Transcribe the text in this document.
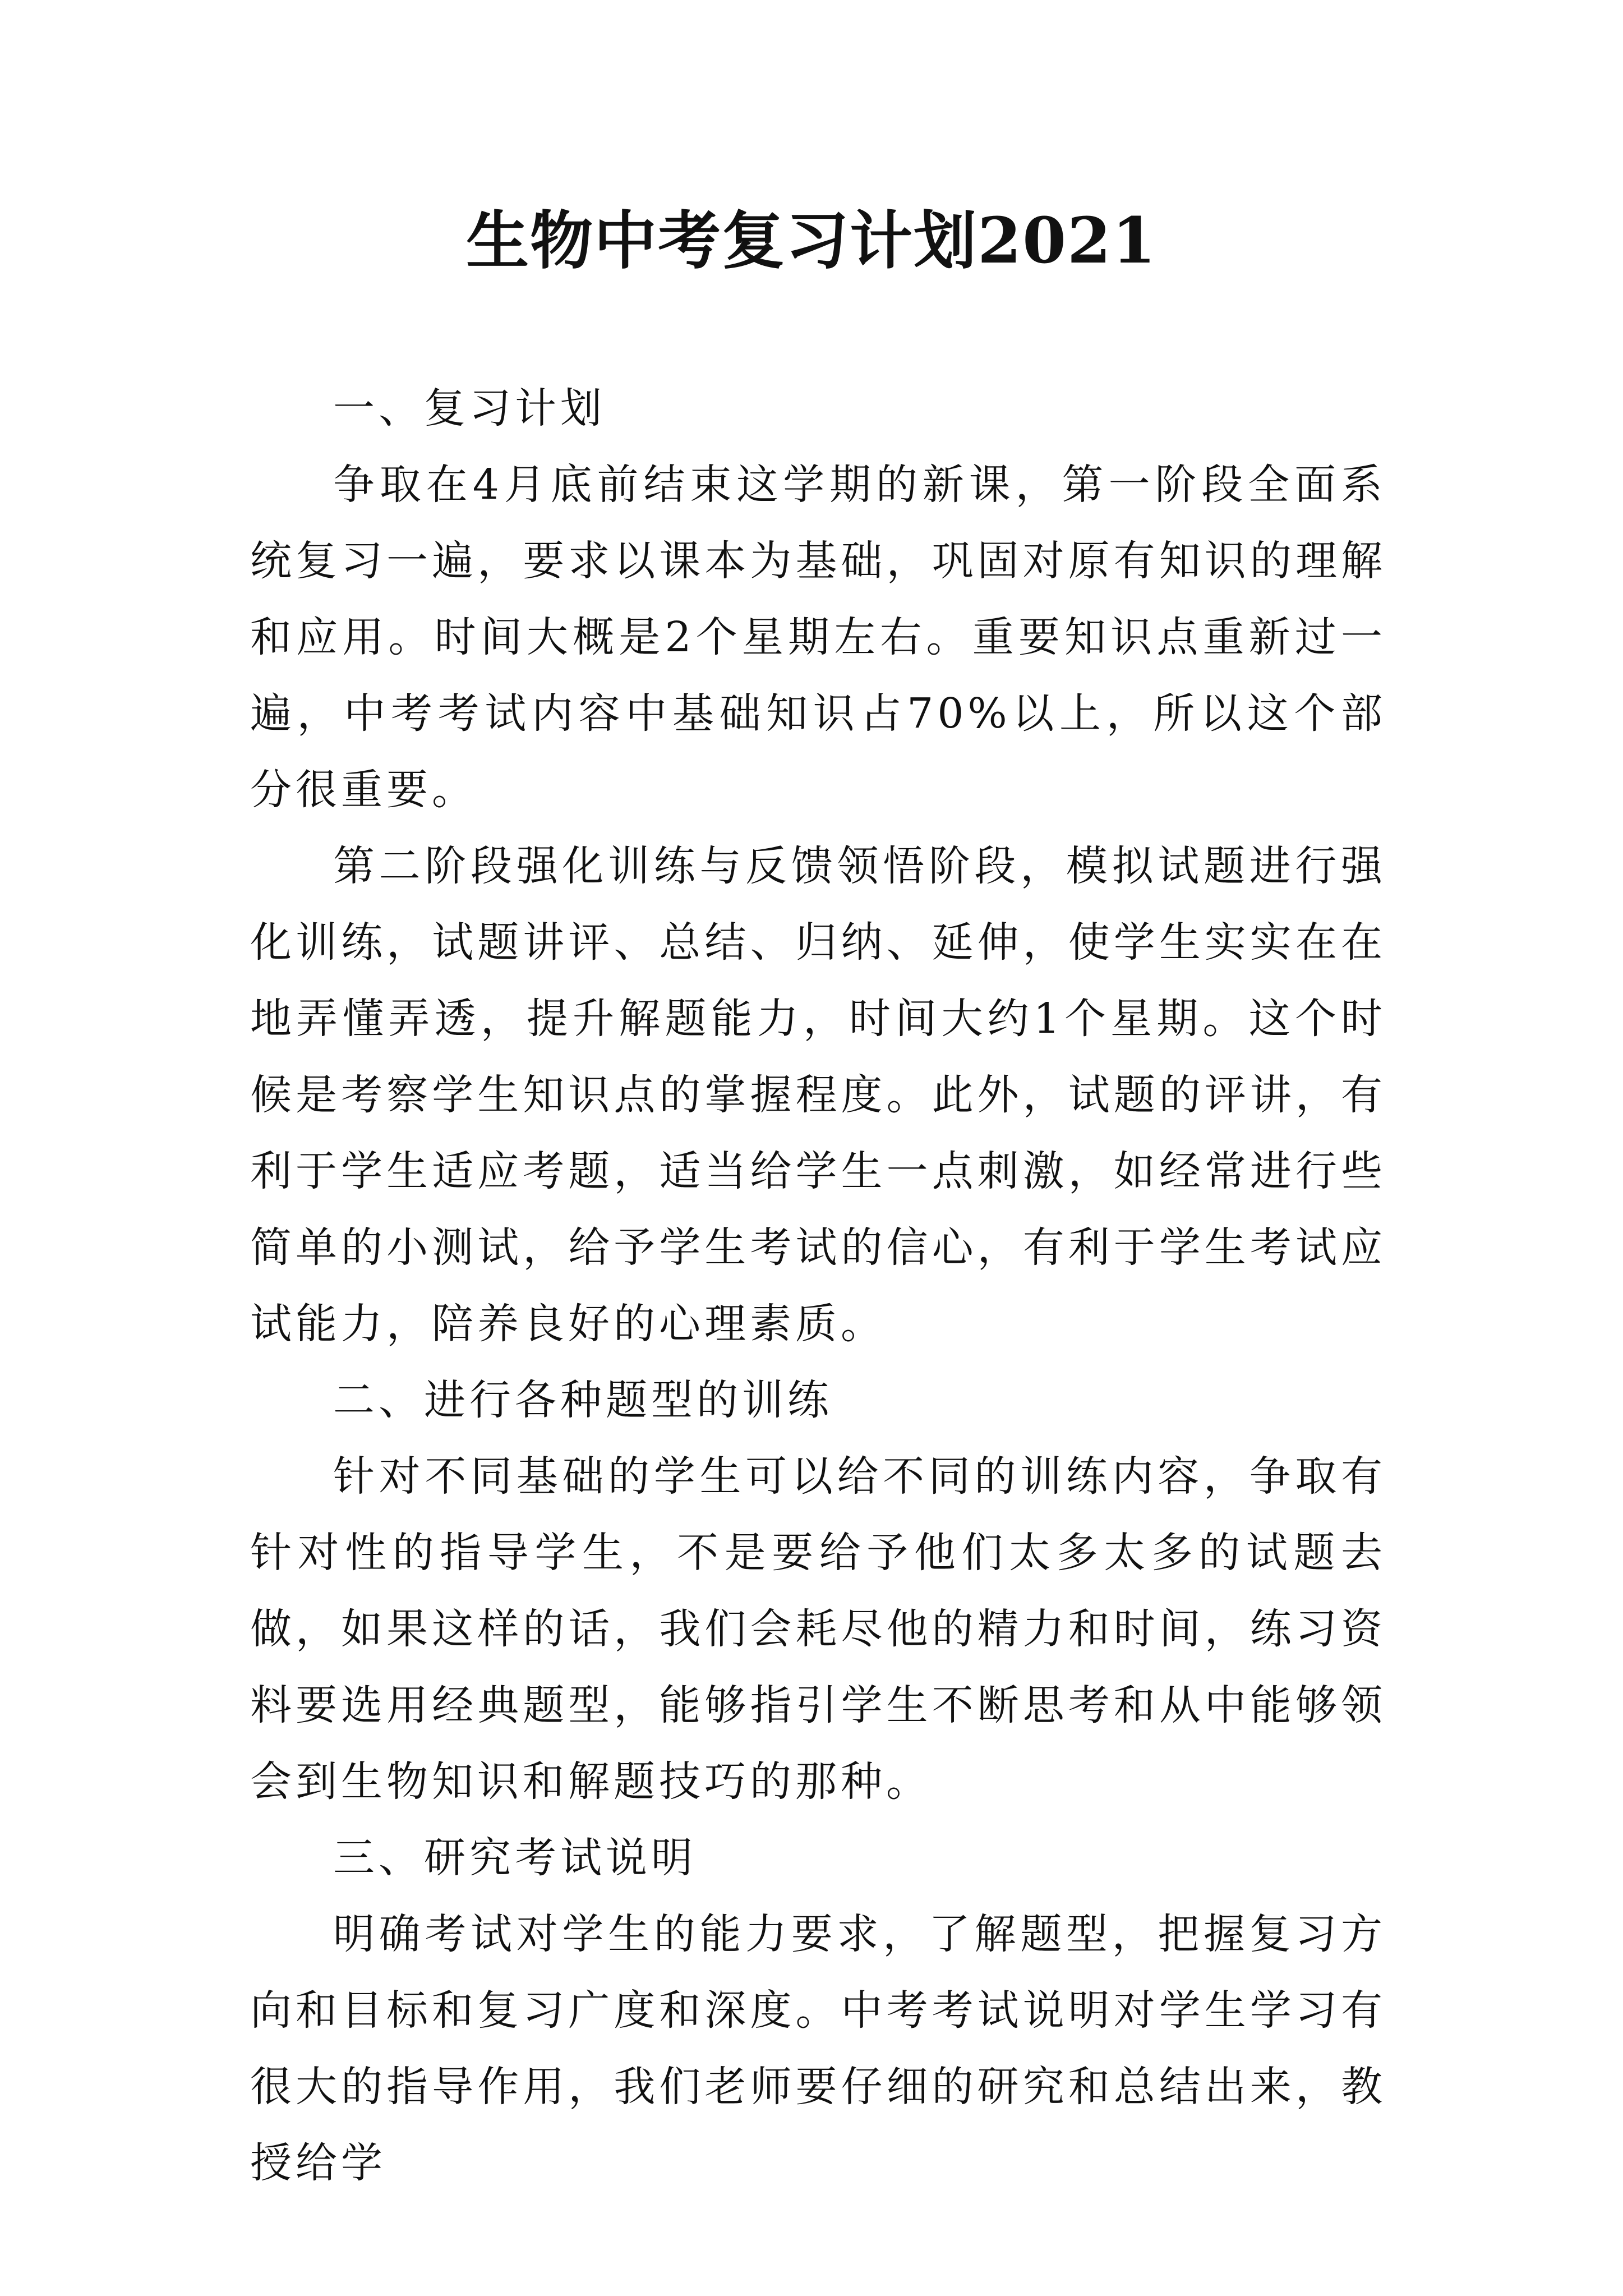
生物中考复习计划2021

一、复习计划

争取在4月底前结束这学期的新课，第一阶段全面系统复习一遍，要求以课本为基础，巩固对原有知识的理解和应用。时间大概是2个星期左右。重要知识点重新过一遍，中考考试内容中基础知识占70%以上，所以这个部分很重要。

第二阶段强化训练与反馈领悟阶段，模拟试题进行强化训练，试题讲评、总结、归纳、延伸，使学生实实在在地弄懂弄透，提升解题能力，时间大约1个星期。这个时候是考察学生知识点的掌握程度。此外，试题的评讲，有利于学生适应考题，适当给学生一点刺激，如经常进行些简单的小测试，给予学生考试的信心，有利于学生考试应试能力，陪养良好的心理素质。

二、进行各种题型的训练

针对不同基础的学生可以给不同的训练内容，争取有针对性的指导学生，不是要给予他们太多太多的试题去做，如果这样的话，我们会耗尽他的精力和时间，练习资料要选用经典题型，能够指引学生不断思考和从中能够领会到生物知识和解题技巧的那种。

三、研究考试说明

明确考试对学生的能力要求，了解题型，把握复习方向和目标和复习广度和深度。中考考试说明对学生学习有很大的指导作用，我们老师要仔细的研究和总结出来，教授给学
